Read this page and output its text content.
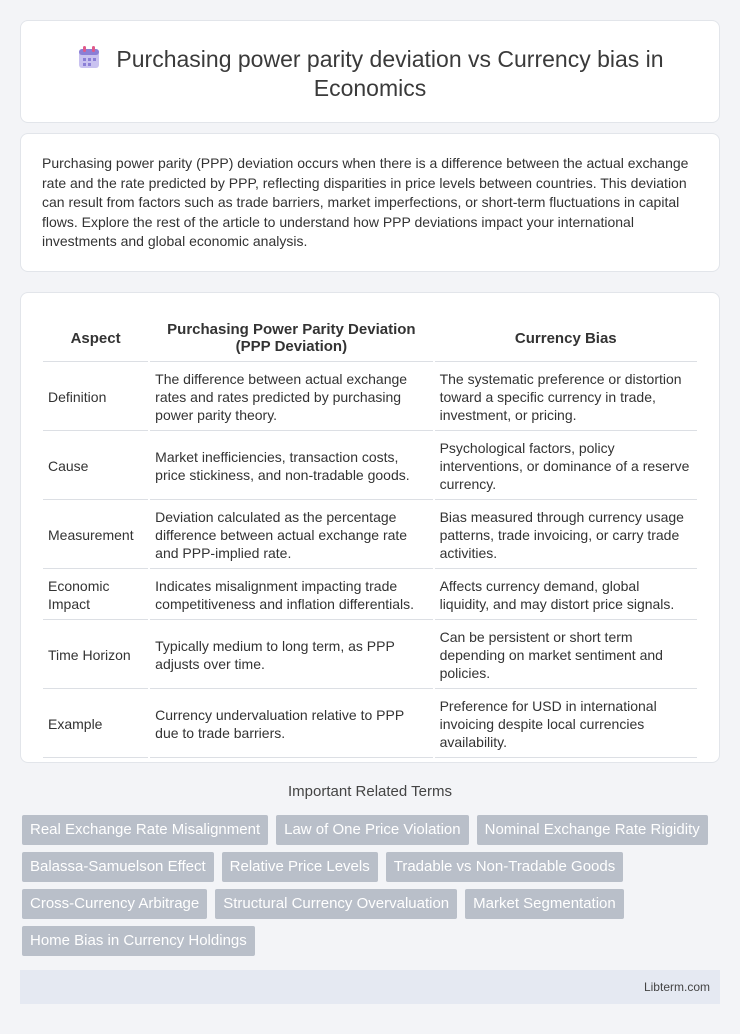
Purchasing power parity deviation vs Currency bias in Economics

Purchasing power parity (PPP) deviation occurs when there is a difference between the actual exchange rate and the rate predicted by PPP, reflecting disparities in price levels between countries. This deviation can result from factors such as trade barriers, market imperfections, or short-term fluctuations in capital flows. Explore the rest of the article to understand how PPP deviations impact your international investments and global economic analysis.

Aspect	Purchasing Power Parity Deviation (PPP Deviation)	Currency Bias
Definition	The difference between actual exchange rates and rates predicted by purchasing power parity theory.	The systematic preference or distortion toward a specific currency in trade, investment, or pricing.
Cause	Market inefficiencies, transaction costs, price stickiness, and non-tradable goods.	Psychological factors, policy interventions, or dominance of a reserve currency.
Measurement	Deviation calculated as the percentage difference between actual exchange rate and PPP-implied rate.	Bias measured through currency usage patterns, trade invoicing, or carry trade activities.
Economic Impact	Indicates misalignment impacting trade competitiveness and inflation differentials.	Affects currency demand, global liquidity, and may distort price signals.
Time Horizon	Typically medium to long term, as PPP adjusts over time.	Can be persistent or short term depending on market sentiment and policies.
Example	Currency undervaluation relative to PPP due to trade barriers.	Preference for USD in international invoicing despite local currencies availability.
Important Related Terms
Real Exchange Rate Misalignment	Law of One Price Violation	Nominal Exchange Rate Rigidity
Balassa-Samuelson Effect	Relative Price Levels	Tradable vs Non-Tradable Goods
Cross-Currency Arbitrage	Structural Currency Overvaluation	Market Segmentation
Home Bias in Currency Holdings
Libterm.com
